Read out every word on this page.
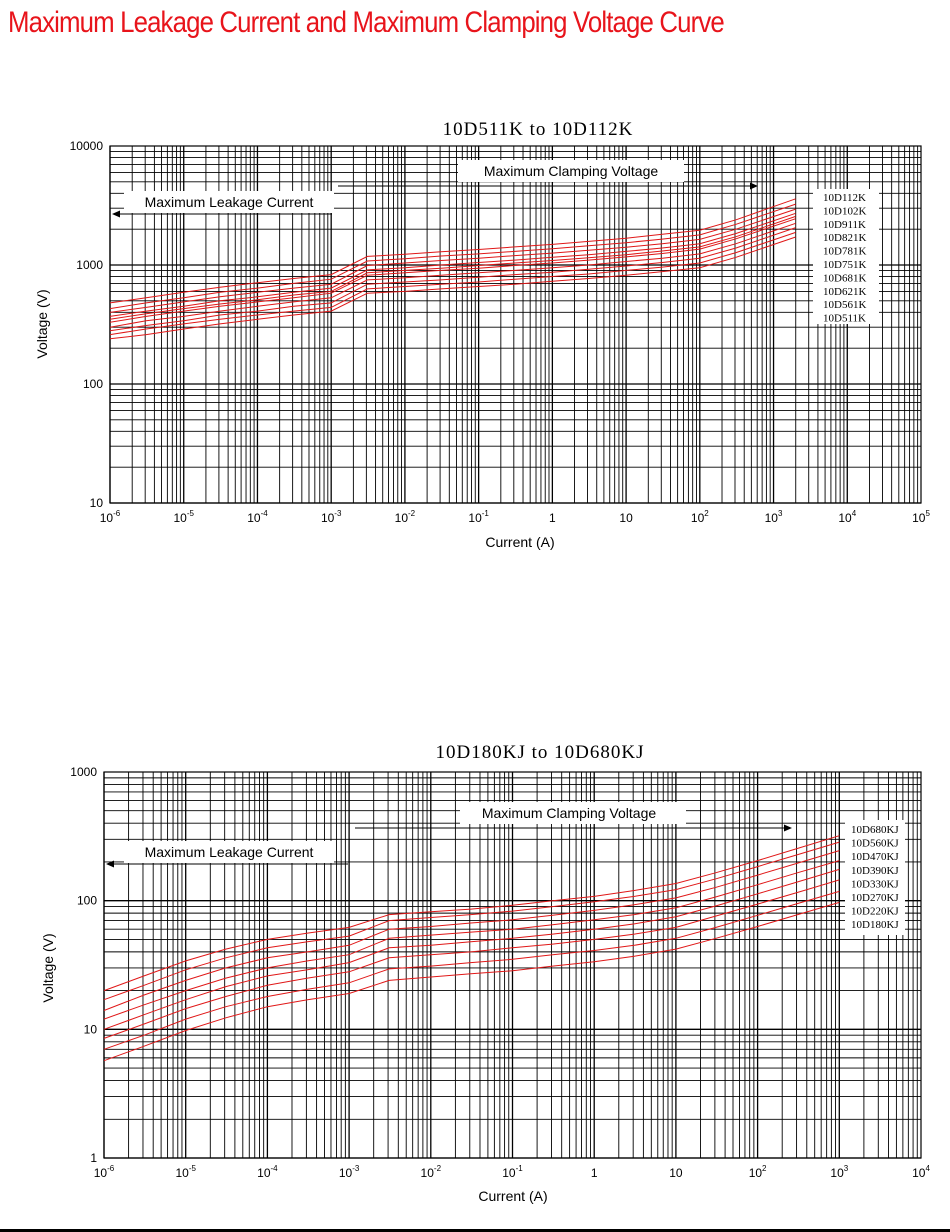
Maximum Leakage Current and Maximum Clamping Voltage Curve
10D511K to 10D112K
$10^{-6}$	$10^{-5}$	$10^{-4}$	$10^{-3}$	$10^{-2}$	$10^{-1}$	1	10	$10^2$	$10^3$	$10^4$	$10^5$
10
100
1000
10000
Current (A)
Voltage (V)
Maximum Leakage Current
Maximum Clamping Voltage
10D112K
10D102K
10D911K
10D821K
10D781K
10D751K
10D681K
10D621K
10D561K
10D511K
10D180KJ to 10D680KJ
$10^{-6}$	$10^{-5}$	$10^{-4}$	$10^{-3}$	$10^{-2}$	$10^{-1}$	1	10	$10^2$	$10^3$	$10^4$
1
10
100
1000
Current (A)
Voltage (V)
Maximum Leakage Current
Maximum Clamping Voltage
10D680KJ
10D560KJ
10D470KJ
10D390KJ
10D330KJ
10D270KJ
10D220KJ
10D180KJ
